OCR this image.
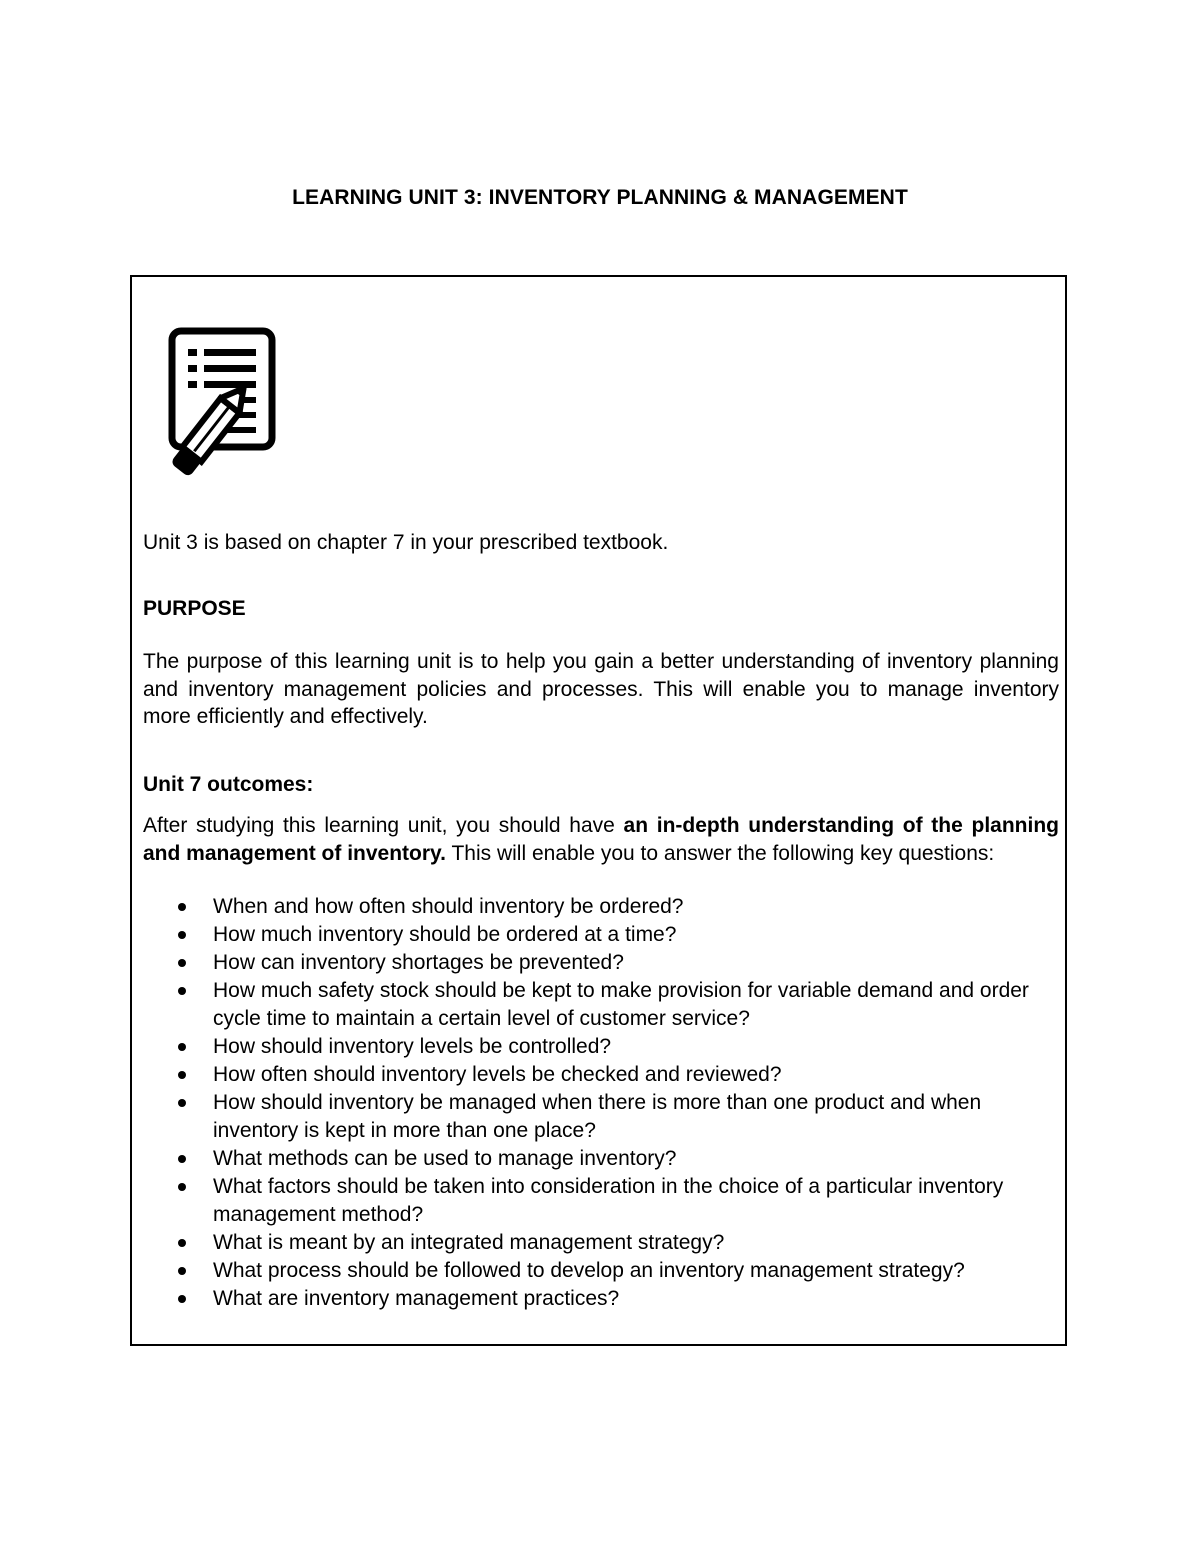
LEARNING UNIT 3: INVENTORY PLANNING & MANAGEMENT

Unit 3 is based on chapter 7 in your prescribed textbook.

PURPOSE

The purpose of this learning unit is to help you gain a better understanding of inventory planning and inventory management policies and processes. This will enable you to manage inventory more efficiently and effectively.

Unit 7 outcomes:

After studying this learning unit, you should have an in-depth understanding of the planning and management of inventory. This will enable you to answer the following key questions:

When and how often should inventory be ordered?
How much inventory should be ordered at a time?
How can inventory shortages be prevented?
How much safety stock should be kept to make provision for variable demand and order cycle time to maintain a certain level of customer service?
How should inventory levels be controlled?
How often should inventory levels be checked and reviewed?
How should inventory be managed when there is more than one product and when inventory is kept in more than one place?
What methods can be used to manage inventory?
What factors should be taken into consideration in the choice of a particular inventory management method?
What is meant by an integrated management strategy?
What process should be followed to develop an inventory management strategy?
What are inventory management practices?
